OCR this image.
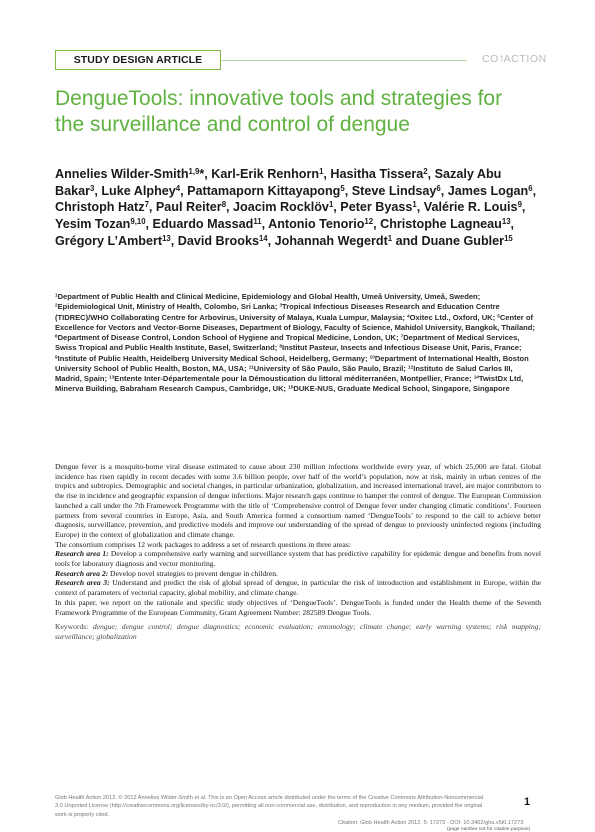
STUDY DESIGN ARTICLE	CO˦ACTION
DengueTools: innovative tools and strategies for the surveillance and control of dengue

Annelies Wilder-Smith$^{1,9}$*, Karl-Erik Renhorn$^1$, Hasitha Tissera$^2$, Sazaly Abu Bakar$^3$, Luke Alphey$^4$, Pattamaporn Kittayapong$^5$, Steve Lindsay$^6$, James Logan$^6$, Christoph Hatz$^7$, Paul Reiter$^8$, Joacim Rocklöv$^1$, Peter Byass$^1$, Valérie R. Louis$^9$, Yesim Tozan$^{9,10}$, Eduardo Massad$^{11}$, Antonio Tenorio$^{12}$, Christophe Lagneau$^{13}$, Grégory L’Ambert$^{13}$, David Brooks$^{14}$, Johannah Wegerdt$^1$ and Duane Gubler$^{15}$

$^1$Department of Public Health and Clinical Medicine, Epidemiology and Global Health, Umeå University, Umeå, Sweden; $^2$Epidemiological Unit, Ministry of Health, Colombo, Sri Lanka; $^3$Tropical Infectious Diseases Research and Education Centre (TIDREC)/WHO Collaborating Centre for Arbovirus, University of Malaya, Kuala Lumpur, Malaysia; $^4$Oxitec Ltd., Oxford, UK; $^5$Center of Excellence for Vectors and Vector-Borne Diseases, Department of Biology, Faculty of Science, Mahidol University, Bangkok, Thailand; $^6$Department of Disease Control, London School of Hygiene and Tropical Medicine, London, UK; $^7$Department of Medical Services, Swiss Tropical and Public Health Institute, Basel, Switzerland; $^8$Institut Pasteur, Insects and Infectious Disease Unit, Paris, France; $^9$Institute of Public Health, Heidelberg University Medical School, Heidelberg, Germany; $^{10}$Department of International Health, Boston University School of Public Health, Boston, MA, USA; $^{11}$University of São Paulo, São Paulo, Brazil; $^{12}$Instituto de Salud Carlos III, Madrid, Spain; $^{13}$Entente Inter-Départementale pour la Démoustication du littoral méditerranéen, Montpellier, France; $^{14}$TwistDx Ltd, Minerva Building, Babraham Research Campus, Cambridge, UK; $^{15}$DUKE-NUS, Graduate Medical School, Singapore, Singapore

Dengue fever is a mosquito-borne viral disease estimated to cause about 230 million infections worldwide every year, of which 25,000 are fatal. Global incidence has risen rapidly in recent decades with some 3.6 billion people, over half of the world’s population, now at risk, mainly in urban centres of the tropics and subtropics. Demographic and societal changes, in particular urbanization, globalization, and increased international travel, are major contributors to the rise in incidence and geographic expansion of dengue infections. Major research gaps continue to hamper the control of dengue. The European Commission launched a call under the 7th Framework Programme with the title of ‘Comprehensive control of Dengue fever under changing climatic conditions’. Fourteen partners from several countries in Europe, Asia, and South America formed a consortium named ‘DengueTools’ to respond to the call to achieve better diagnosis, surveillance, prevention, and predictive models and improve our understanding of the spread of dengue to previously uninfected regions (including Europe) in the context of globalization and climate change.

The consortium comprises 12 work packages to address a set of research questions in three areas:

Research area 1: Develop a comprehensive early warning and surveillance system that has predictive capability for epidemic dengue and benefits from novel tools for laboratory diagnosis and vector monitoring.

Research area 2: Develop novel strategies to prevent dengue in children.

Research area 3: Understand and predict the risk of global spread of dengue, in particular the risk of introduction and establishment in Europe, within the context of parameters of vectorial capacity, global mobility, and climate change.

In this paper, we report on the rationale and specific study objectives of ‘DengueTools’. DengueTools is funded under the Health theme of the Seventh Framework Programme of the European Community, Grant Agreement Number: 282589 Dengue Tools.

Keywords: dengue; dengue control; dengue diagnostics; economic evaluation; entomology; climate change; early warning systems; risk mapping; surveillance; globalization

Glob Health Action 2012. © 2012 Annelies Wilder-Smith et al. This is an Open Access article distributed under the terms of the Creative Commons Attribution-Noncommercial 3.0 Unported License (http://creativecommons.org/licenses/by-nc/3.0/), permitting all non-commercial use, distribution, and reproduction in any medium, provided the original work is properly cited.

Citation: Glob Health Action 2012, 5: 17273 - DOI: 10.3402/gha.v5i0.17273
1
(page number not for citation purpose)
